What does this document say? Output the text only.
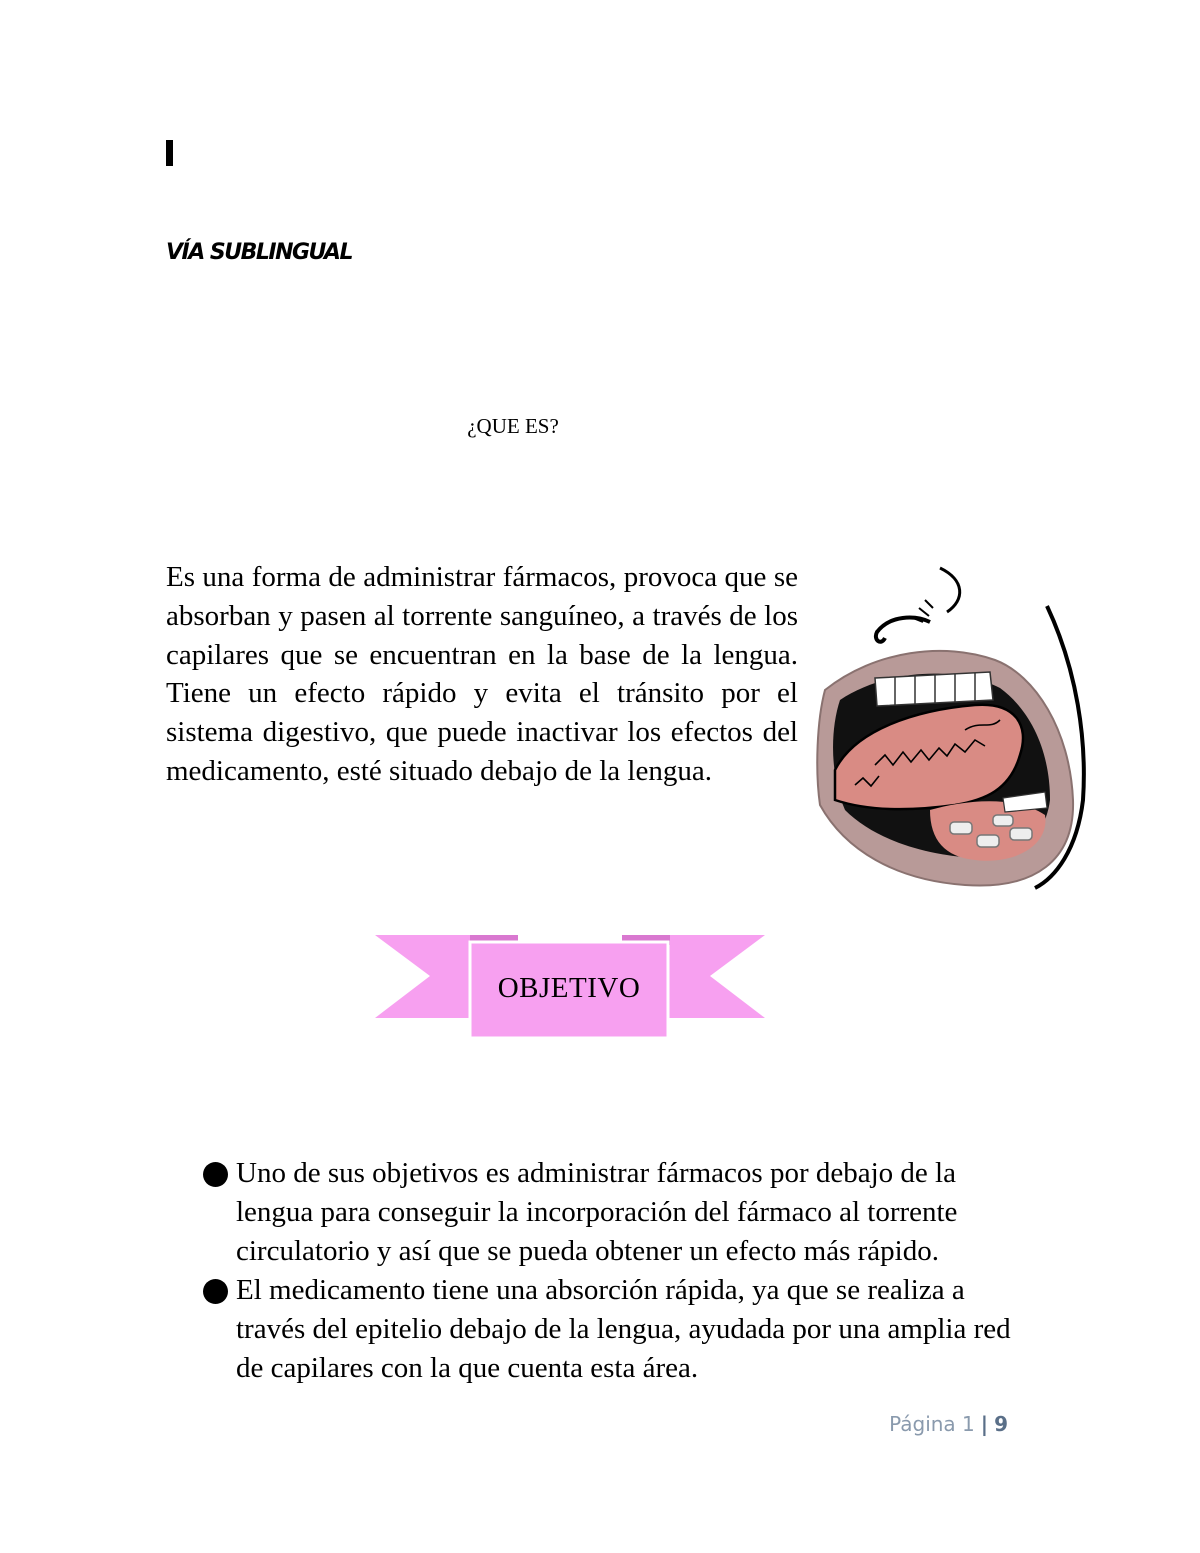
VÍA SUBLINGUAL
¿QUE ES?

Es una forma de administrar fármacos, provoca que se absorban y pasen al torrente sanguíneo, a través de los capilares que se encuentran en la base de la lengua. Tiene un efecto rápido y evita el tránsito por el sistema digestivo, que puede inactivar los efectos del medicamento, esté situado debajo de la lengua.

OBJETIVO
Uno de sus objetivos es administrar fármacos por debajo de la lengua para conseguir la incorporación del fármaco al torrente circulatorio y así que se pueda obtener un efecto más rápido.
El medicamento tiene una absorción rápida, ya que se realiza a través del epitelio debajo de la lengua, ayudada por una amplia red de capilares con la que cuenta esta área.
Página 1 | 9
